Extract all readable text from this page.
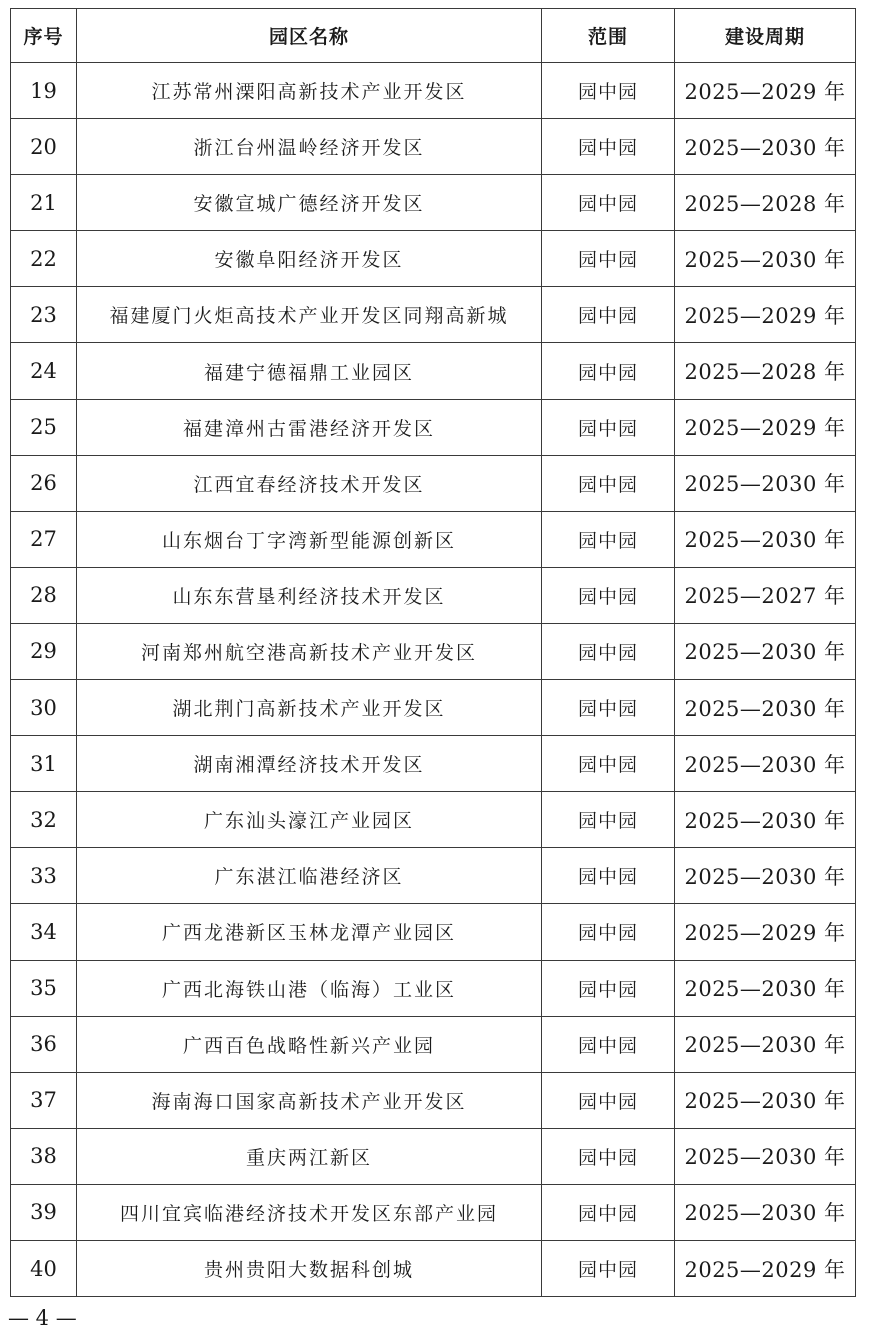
序号	园区名称	范围	建设周期
19	江苏常州溧阳高新技术产业开发区	园中园	2025—2029 年
20	浙江台州温岭经济开发区	园中园	2025—2030 年
21	安徽宣城广德经济开发区	园中园	2025—2028 年
22	安徽阜阳经济开发区	园中园	2025—2030 年
23	福建厦门火炬高技术产业开发区同翔高新城	园中园	2025—2029 年
24	福建宁德福鼎工业园区	园中园	2025—2028 年
25	福建漳州古雷港经济开发区	园中园	2025—2029 年
26	江西宜春经济技术开发区	园中园	2025—2030 年
27	山东烟台丁字湾新型能源创新区	园中园	2025—2030 年
28	山东东营垦利经济技术开发区	园中园	2025—2027 年
29	河南郑州航空港高新技术产业开发区	园中园	2025—2030 年
30	湖北荆门高新技术产业开发区	园中园	2025—2030 年
31	湖南湘潭经济技术开发区	园中园	2025—2030 年
32	广东汕头濠江产业园区	园中园	2025—2030 年
33	广东湛江临港经济区	园中园	2025—2030 年
34	广西龙港新区玉林龙潭产业园区	园中园	2025—2029 年
35	广西北海铁山港（临海）工业区	园中园	2025—2030 年
36	广西百色战略性新兴产业园	园中园	2025—2030 年
37	海南海口国家高新技术产业开发区	园中园	2025—2030 年
38	重庆两江新区	园中园	2025—2030 年
39	四川宜宾临港经济技术开发区东部产业园	园中园	2025—2030 年
40	贵州贵阳大数据科创城	园中园	2025—2029 年
— 4 —
